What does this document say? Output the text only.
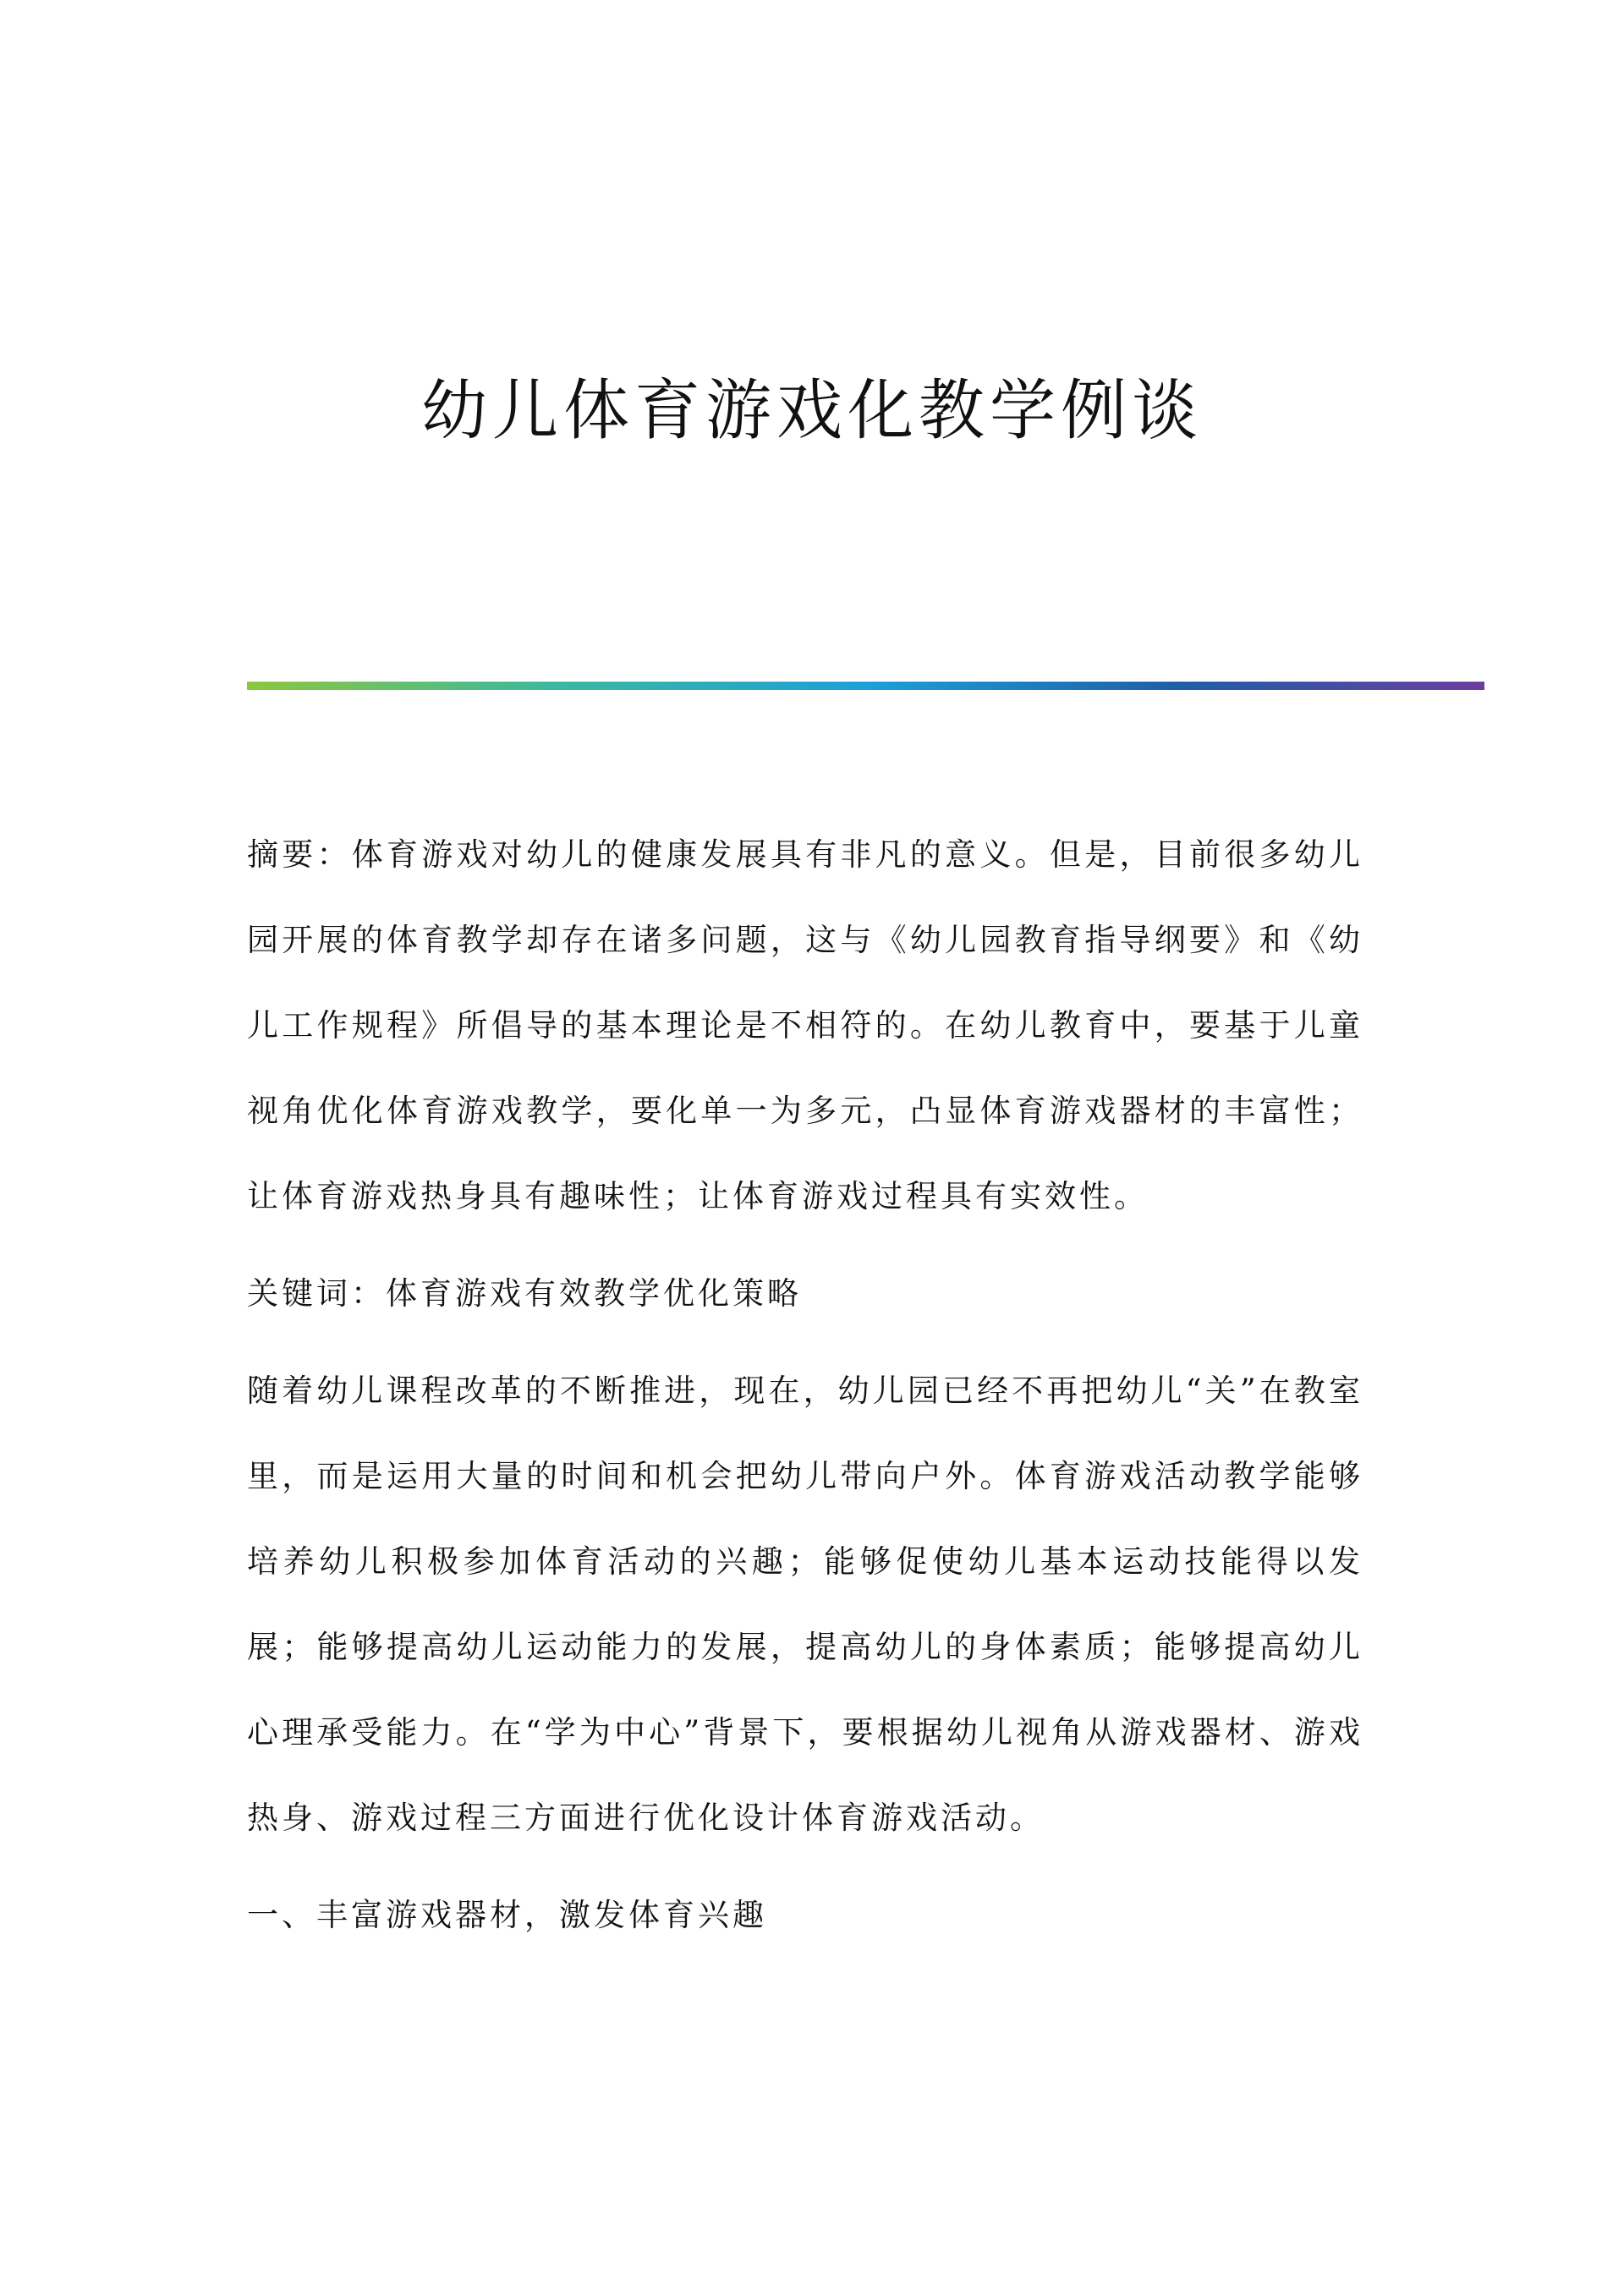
幼儿体育游戏化教学例谈

摘要：体育游戏对幼儿的健康发展具有非凡的意义。但是，目前很多幼儿园开展的体育教学却存在诸多问题，这与《幼儿园教育指导纲要》和《幼儿工作规程》所倡导的基本理论是不相符的。在幼儿教育中，要基于儿童视角优化体育游戏教学，要化单一为多元，凸显体育游戏器材的丰富性；让体育游戏热身具有趣味性；让体育游戏过程具有实效性。

关键词：体育游戏有效教学优化策略

随着幼儿课程改革的不断推进，现在，幼儿园已经不再把幼儿“关”在教室里，而是运用大量的时间和机会把幼儿带向户外。体育游戏活动教学能够培养幼儿积极参加体育活动的兴趣；能够促使幼儿基本运动技能得以发展；能够提高幼儿运动能力的发展，提高幼儿的身体素质；能够提高幼儿心理承受能力。在“学为中心”背景下，要根据幼儿视角从游戏器材、游戏热身、游戏过程三方面进行优化设计体育游戏活动。

一、丰富游戏器材，激发体育兴趣
